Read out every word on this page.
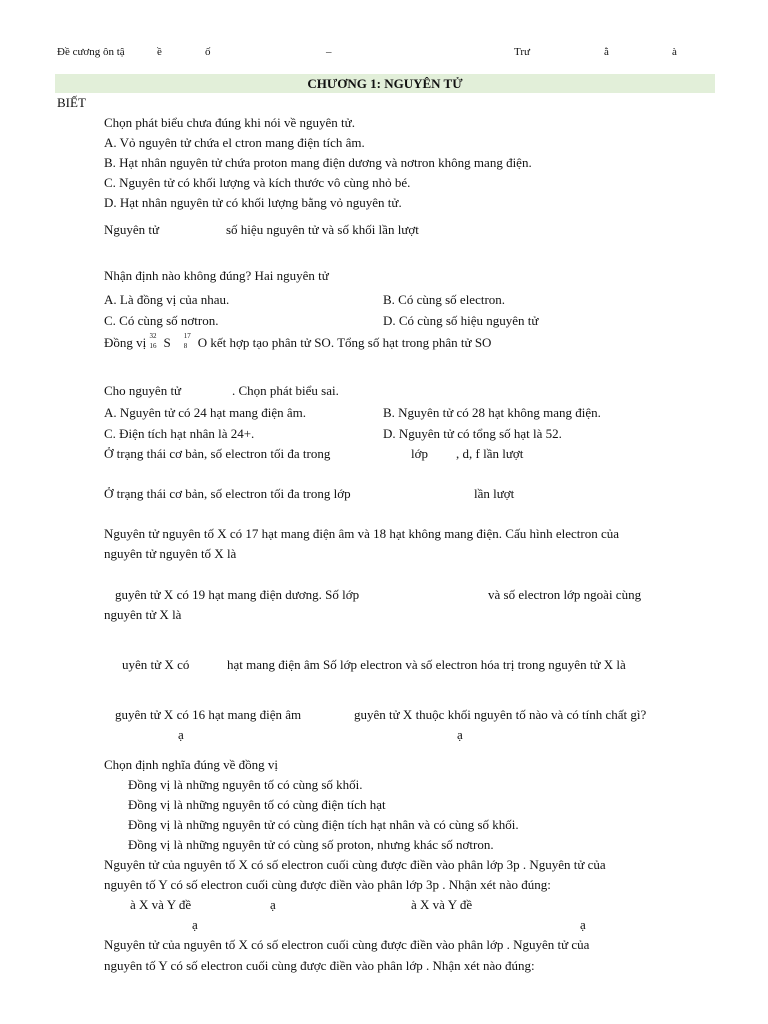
Đề cương ôn tậ	ề	ố	–	Trư	ằ	à
CHƯƠNG 1: NGUYÊN TỬ
BIẾT
Chọn phát biểu chưa đúng khi nói về nguyên tử.
A. Vỏ nguyên tử chứa el ctron mang điện tích âm.
B. Hạt nhân nguyên tử chứa proton mang điện dương và nơtron không mang điện.
C. Nguyên tử có khối lượng và kích thước vô cùng nhỏ bé.
D. Hạt nhân nguyên tử có khối lượng bằng vỏ nguyên tử.
Nguyên tử	số hiệu nguyên tử và số khối lần lượt
Nhận định nào không đúng? Hai nguyên tử
A. Là đồng vị của nhau.	B. Có cùng số electron.
C. Có cùng số nơtron.	D. Có cùng số hiệu nguyên tử
Đồng vị 32
16 S 17
8 O kết hợp tạo phân tử SO. Tổng số hạt trong phân tử SO
Cho nguyên tử	. Chọn phát biểu sai.
A. Nguyên tử có 24 hạt mang điện âm.	B. Nguyên tử có 28 hạt không mang điện.
C. Điện tích hạt nhân là 24+.	D. Nguyên tử có tổng số hạt là 52.
Ở trạng thái cơ bản, số electron tối đa trong	lớp , d, f lần lượt
Ở trạng thái cơ bản, số electron tối đa trong lớp	lần lượt
Nguyên tử nguyên tố X có 17 hạt mang điện âm và 18 hạt không mang điện. Cấu hình electron của
nguyên tử nguyên tố X là
guyên tử X có 19 hạt mang điện dương. Số lớp	và số electron lớp ngoài cùng
nguyên tử X là
uyên tử X có	hạt mang điện âm Số lớp electron và số electron hóa trị trong nguyên tử X là
guyên tử X có 16 hạt mang điện âm	guyên tử X thuộc khối nguyên tố nào và có tính chất gì?
ạ	ạ
Chọn định nghĩa đúng về đồng vị
Đồng vị là những nguyên tố có cùng số khối.
Đồng vị là những nguyên tố có cùng điện tích hạt
Đồng vị là những nguyên tử có cùng điện tích hạt nhân và có cùng số khối.
Đồng vị là những nguyên tử có cùng số proton, nhưng khác số nơtron.
Nguyên tử của nguyên tố X có số electron cuối cùng được điền vào phân lớp 3p . Nguyên tử của
nguyên tố Y có số electron cuối cùng được điền vào phân lớp 3p . Nhận xét nào đúng:
à X và Y đề	ạ	à X và Y đề
ạ	ạ
Nguyên tử của nguyên tố X có số electron cuối cùng được điền vào phân lớp . Nguyên tử của
nguyên tố Y có số electron cuối cùng được điền vào phân lớp . Nhận xét nào đúng:
